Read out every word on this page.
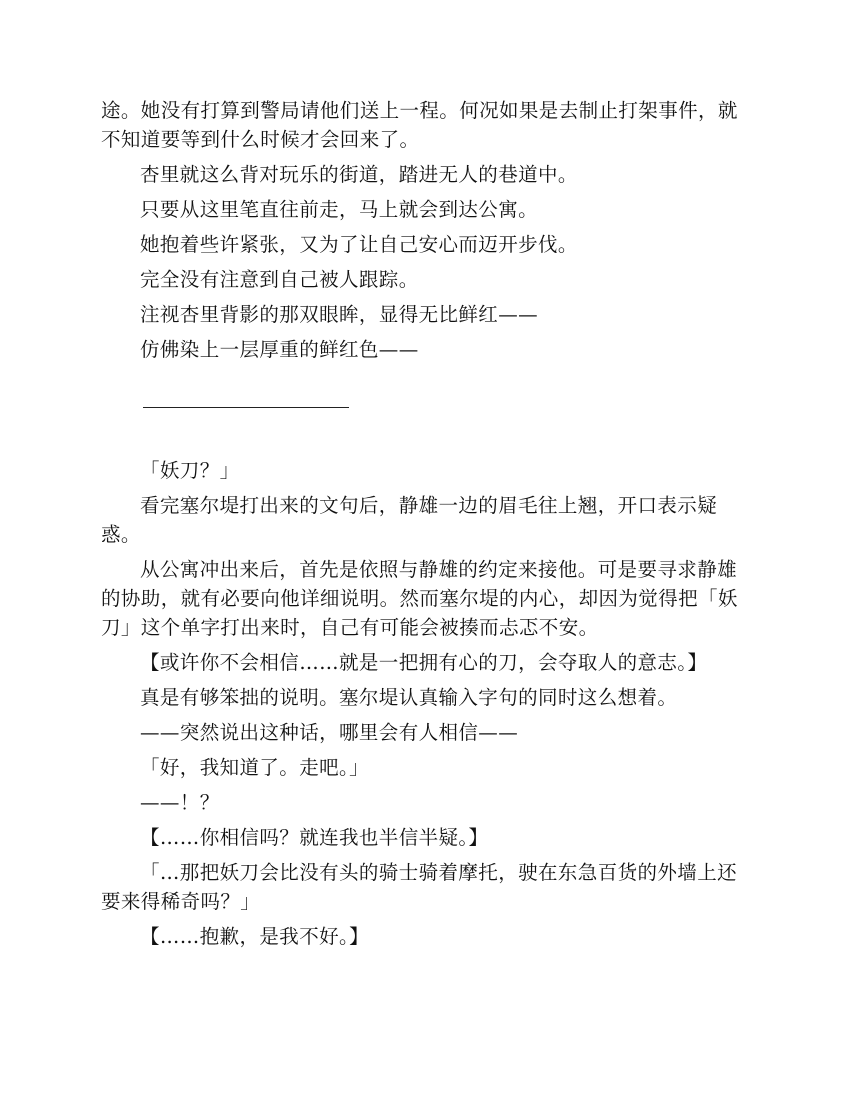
途。她没有打算到警局请他们送上一程。何况如果是去制止打架事件，就不知道要等到什么时候才会回来了。

杏里就这么背对玩乐的街道，踏进无人的巷道中。

只要从这里笔直往前走，马上就会到达公寓。

她抱着些许紧张，又为了让自己安心而迈开步伐。

完全没有注意到自己被人跟踪。

注视杏里背影的那双眼眸，显得无比鲜红——

仿佛染上一层厚重的鲜红色——

「妖刀？」

看完塞尔堤打出来的文句后，静雄一边的眉毛往上翘，开口表示疑惑。

从公寓冲出来后，首先是依照与静雄的约定来接他。可是要寻求静雄的协助，就有必要向他详细说明。然而塞尔堤的内心，却因为觉得把「妖刀」这个单字打出来时，自己有可能会被揍而忐忑不安。

【或许你不会相信……就是一把拥有心的刀，会夺取人的意志。】

真是有够笨拙的说明。塞尔堤认真输入字句的同时这么想着。

——突然说出这种话，哪里会有人相信——

「好，我知道了。走吧。」

——！？

【……你相信吗？就连我也半信半疑。】

「…那把妖刀会比没有头的骑士骑着摩托，驶在东急百货的外墙上还要来得稀奇吗？」

【……抱歉，是我不好。】
